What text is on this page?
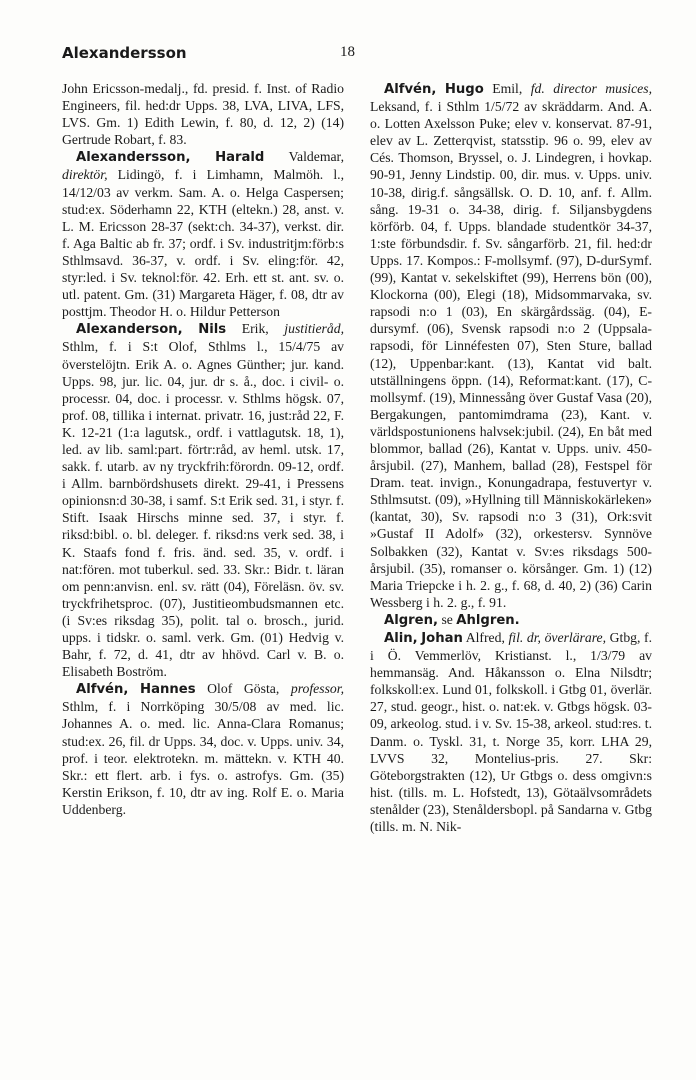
Alexandersson	18

John Ericsson-medalj., fd. presid. f. Inst. of Radio Engineers, fil. hed:dr Upps. 38, LVA, LIVA, LFS, LVS. Gm. 1) Edith Lewin, f. 80, d. 12, 2) (14) Gertrude Robart, f. 83.

Alexandersson, Harald Valdemar, direktör, Lidingö, f. i Limhamn, Malmöh. l., 14/12/03 av verkm. Sam. A. o. Helga Caspersen; stud:ex. Söderhamn 22, KTH (eltekn.) 28, anst. v. L. M. Ericsson 28-37 (sekt:ch. 34-37), verkst. dir. f. Aga Baltic ab fr. 37; ordf. i Sv. industritjm:förb:s Sthlmsavd. 36-37, v. ordf. i Sv. eling:för. 42, styr:led. i Sv. teknol:för. 42. Erh. ett st. ant. sv. o. utl. patent. Gm. (31) Margareta Häger, f. 08, dtr av posttjm. Theodor H. o. Hildur Petterson

Alexanderson, Nils Erik, justitieråd, Sthlm, f. i S:t Olof, Sthlms l., 15/4/75 av överstelöjtn. Erik A. o. Agnes Günther; jur. kand. Upps. 98, jur. lic. 04, jur. dr s. å., doc. i civil- o. processr. 04, doc. i processr. v. Sthlms högsk. 07, prof. 08, tillika i internat. privatr. 16, just:råd 22, F. K. 12-21 (1:a lagutsk., ordf. i vattlagutsk. 18, 1), led. av lib. saml:part. förtr:råd, av heml. utsk. 17, sakk. f. utarb. av ny tryckfrih:förordn. 09-12, ordf. i Allm. barnbördshusets direkt. 29-41, i Pressens opinionsn:d 30-38, i samf. S:t Erik sed. 31, i styr. f. Stift. Isaak Hirschs minne sed. 37, i styr. f. riksd:bibl. o. bl. deleger. f. riksd:ns verk sed. 38, i K. Staafs fond f. fris. änd. sed. 35, v. ordf. i nat:fören. mot tuberkul. sed. 33. Skr.: Bidr. t. läran om penn:anvisn. enl. sv. rätt (04), Föreläsn. öv. sv. tryckfrihetsproc. (07), Justitieombudsmannen etc. (i Sv:es riksdag 35), polit. tal o. brosch., jurid. upps. i tidskr. o. saml. verk. Gm. (01) Hedvig v. Bahr, f. 72, d. 41, dtr av hhövd. Carl v. B. o. Elisabeth Boström.

Alfvén, Hannes Olof Gösta, professor, Sthlm, f. i Norrköping 30/5/08 av med. lic. Johannes A. o. med. lic. Anna-Clara Romanus; stud:ex. 26, fil. dr Upps. 34, doc. v. Upps. univ. 34, prof. i teor. elektrotekn. m. mättekn. v. KTH 40. Skr.: ett flert. arb. i fys. o. astrofys. Gm. (35) Kerstin Erikson, f. 10, dtr av ing. Rolf E. o. Maria Uddenberg.

Alfvén, Hugo Emil, fd. director musices, Leksand, f. i Sthlm 1/5/72 av skräddarm. And. A. o. Lotten Axelsson Puke; elev v. konservat. 87-91, elev av L. Zetterqvist, statsstip. 96 o. 99, elev av Cés. Thomson, Bryssel, o. J. Lindegren, i hovkap. 90-91, Jenny Lindstip. 00, dir. mus. v. Upps. univ. 10-38, dirig.f. sångsällsk. O. D. 10, anf. f. Allm. sång. 19-31 o. 34-38, dirig. f. Siljansbygdens körförb. 04, f. Upps. blandade studentkör 34-37, 1:ste förbundsdir. f. Sv. sångarförb. 21, fil. hed:dr Upps. 17. Kompos.: F-mollsymf. (97), D-durSymf. (99), Kantat v. sekelskiftet (99), Herrens bön (00), Klockorna (00), Elegi (18), Midsommarvaka, sv. rapsodi n:o 1 (03), En skärgårdssäg. (04), E-dursymf. (06), Svensk rapsodi n:o 2 (Uppsala-rapsodi, för Linnéfesten 07), Sten Sture, ballad (12), Uppenbar:kant. (13), Kantat vid balt. utställningens öppn. (14), Reformat:kant. (17), C-mollsymf. (19), Minnessång över Gustaf Vasa (20), Bergakungen, pantomimdrama (23), Kant. v. världspostunionens halvsek:jubil. (24), En båt med blommor, ballad (26), Kantat v. Upps. univ. 450-årsjubil. (27), Manhem, ballad (28), Festspel för Dram. teat. invign., Konungadrapa, festuvertyr v. Sthlmsutst. (09), »Hyllning till Människokärleken» (kantat, 30), Sv. rapsodi n:o 3 (31), Ork:svit »Gustaf II Adolf» (32), orkestersv. Synnöve Solbakken (32), Kantat v. Sv:es riksdags 500-årsjubil. (35), romanser o. körsånger. Gm. 1) (12) Maria Triepcke i h. 2. g., f. 68, d. 40, 2) (36) Carin Wessberg i h. 2. g., f. 91.

Algren, se Ahlgren.

Alin, Johan Alfred, fil. dr, överlärare, Gtbg, f. i Ö. Vemmerlöv, Kristianst. l., 1/3/79 av hemmansäg. And. Håkansson o. Elna Nilsdtr; folkskoll:ex. Lund 01, folkskoll. i Gtbg 01, överlär. 27, stud. geogr., hist. o. nat:ek. v. Gtbgs högsk. 03-09, arkeolog. stud. i v. Sv. 15-38, arkeol. stud:res. t. Danm. o. Tyskl. 31, t. Norge 35, korr. LHA 29, LVVS 32, Montelius-pris. 27. Skr: Göteborgstrakten (12), Ur Gtbgs o. dess omgivn:s hist. (tills. m. L. Hofstedt, 13), Götaälvsområdets stenålder (23), Stenåldersbopl. på Sandarna v. Gtbg (tills. m. N. Nik-
